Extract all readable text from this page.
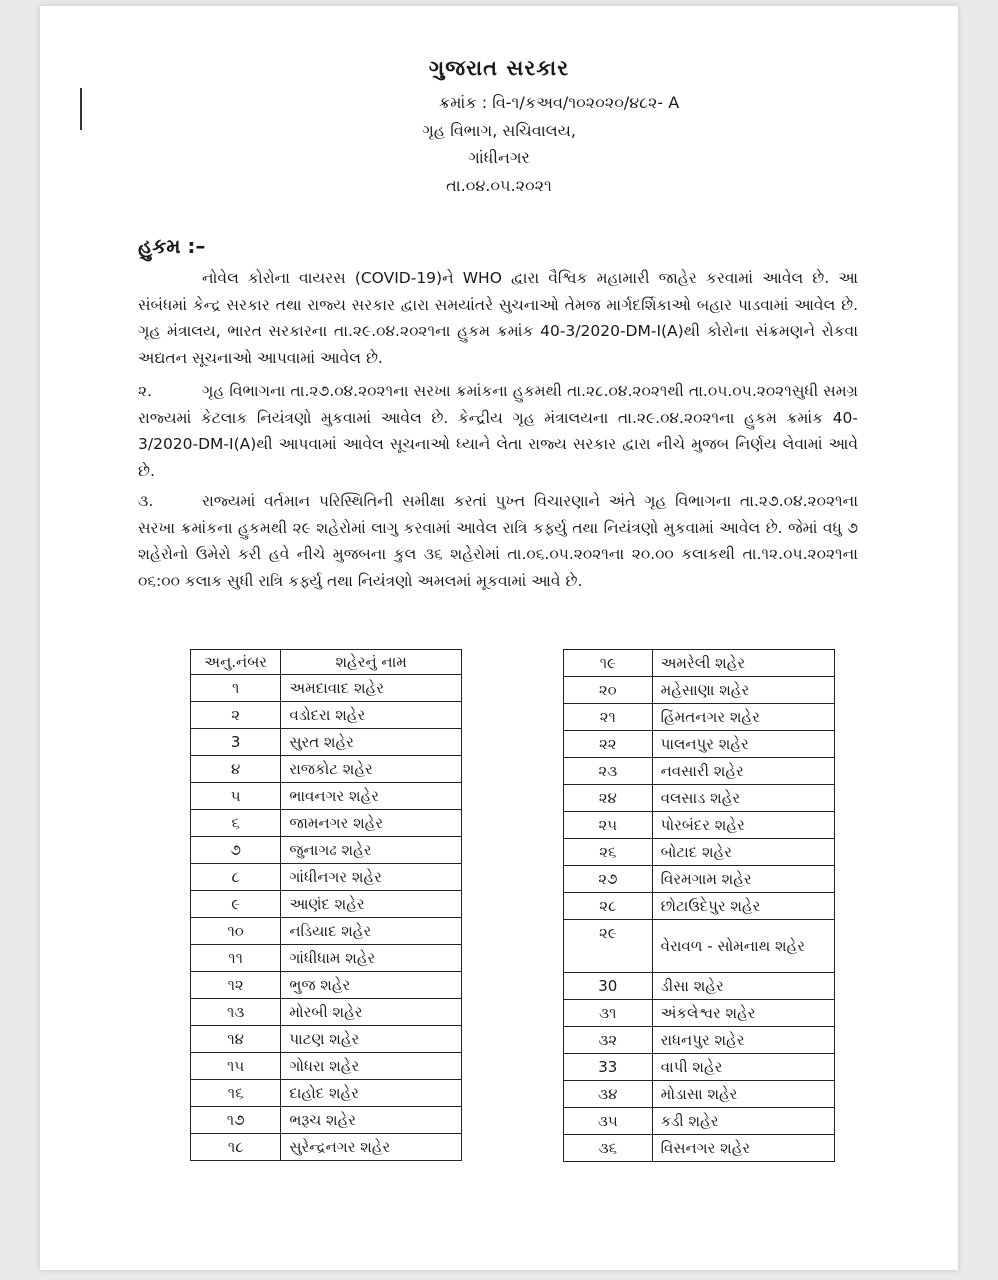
ગુજરાત સરકાર
ક્રમાંક : વિ-૧/કઅવ/૧૦૨૦૨૦/૪૮૨- A
ગૃહ વિભાગ, સચિવાલય,
ગાંધીનગર
તા.૦૪.૦૫.૨૦૨૧
હુકમ :–
નોવેલ કોરોના વાયરસ (COVID-19)ને WHO દ્વારા વૈશ્વિક મહામારી જાહેર કરવામાં આવેલ છે. આ સંબંધમાં કેન્દ્ર સરકાર તથા રાજ્ય સરકાર દ્વારા સમયાંતરે સુચનાઓ તેમજ માર્ગદર્શિકાઓ બહાર પાડવામાં આવેલ છે. ગૃહ મંત્રાલય, ભારત સરકારના તા.૨૯.૦૪.૨૦૨૧ના હુકમ ક્રમાંક 40-3/2020-DM-I(A)થી કોરોના સંક્રમણને રોકવા અદ્યતન સૂચનાઓ આપવામાં આવેલ છે.
૨.	ગૃહ વિભાગના તા.૨૭.૦૪.૨૦૨૧ના સરખા ક્રમાંકના હુકમથી તા.૨૮.૦૪.૨૦૨૧થી તા.૦૫.૦૫.૨૦૨૧સુધી સમગ્ર રાજ્યમાં કેટલાક નિયંત્રણો મુકવામાં આવેલ છે. કેન્દ્રીય ગૃહ મંત્રાલયના તા.૨૯.૦૪.૨૦૨૧ના હુકમ ક્રમાંક 40-3/2020-DM-I(A)થી આપવામાં આવેલ સૂચનાઓ ધ્યાને લેતા રાજ્ય સરકાર દ્વારા નીચે મુજબ નિર્ણય લેવામાં આવે છે.
૩.	રાજ્યમાં વર્તમાન પરિસ્થિતિની સમીક્ષા કરતાં પુખ્ત વિચારણાને અંતે ગૃહ વિભાગના તા.૨૭.૦૪.૨૦૨૧ના સરખા ક્રમાંકના હુકમથી ૨૯ શહેરોમાં લાગુ કરવામાં આવેલ રાત્રિ કર્ફ્યુ તથા નિયંત્રણો મુકવામાં આવેલ છે. જેમાં વધુ ૭ શહેરોનો ઉમેરો કરી હવે નીચે મુજબના કુલ ૩૬ શહેરોમાં તા.૦૬.૦૫.૨૦૨૧ના ૨૦.૦૦ કલાકથી તા.૧૨.૦૫.૨૦૨૧ના ૦૬:૦૦ કલાક સુધી રાત્રિ કર્ફ્યુ તથા નિયંત્રણો અમલમાં મૂકવામાં આવે છે.
અનુ.નંબર	શહેરનું નામ
૧	અમદાવાદ શહેર
૨	વડોદરા શહેર
3	સુરત શહેર
૪	રાજકોટ શહેર
૫	ભાવનગર શહેર
૬	જામનગર શહેર
૭	જુનાગઢ શહેર
૮	ગાંધીનગર શહેર
૯	આણંદ શહેર
૧૦	નડિયાદ શહેર
૧૧	ગાંધીધામ શહેર
૧૨	ભુજ શહેર
૧૩	મોરબી શહેર
૧૪	પાટણ શહેર
૧૫	ગોધરા શહેર
૧૬	દાહોદ શહેર
૧૭	ભરૂચ શહેર
૧૮	સુરેન્દ્રનગર શહેર
૧૯	અમરેલી શહેર
૨૦	મહેસાણા શહેર
૨૧	હિંમતનગર શહેર
૨૨	પાલનપુર શહેર
૨૩	નવસારી શહેર
૨૪	વલસાડ શહેર
૨૫	પોરબંદર શહેર
૨૬	બોટાદ શહેર
૨૭	વિરમગામ શહેર
૨૮	છોટાઉદેપુર શહેર
૨૯	વેરાવળ - સોમનાથ શહેર
30	ડીસા શહેર
૩૧	અંકલેશ્વર શહેર
૩૨	રાધનપુર શહેર
33	વાપી શહેર
૩૪	મોડાસા શહેર
૩૫	કડી શહેર
૩૬	વિસનગર શહેર
